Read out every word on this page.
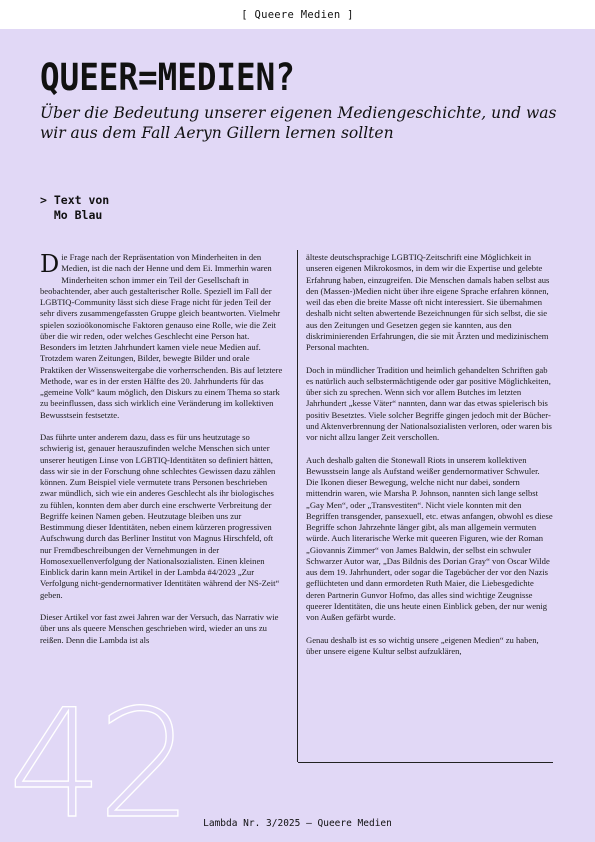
[ Queere Medien ]
42
QUEER=MEDIEN?

Über die Bedeutung unserer eigenen Mediengeschichte, und was wir aus dem Fall Aeryn Gillern lernen sollten

> Text von
Mo Blau

Die Frage nach der Repräsentation von Minderheiten in den Medien, ist die nach der Henne und dem Ei. Immerhin waren Minderheiten schon immer ein Teil der Gesellschaft in beobachtender, aber auch gestalterischer Rolle. Speziell im Fall der LGBTIQ-Community lässt sich diese Frage nicht für jeden Teil der sehr divers zusammengefassten Gruppe gleich beantworten. Vielmehr spielen sozioökonomische Faktoren genauso eine Rolle, wie die Zeit über die wir reden, oder welches Geschlecht eine Person hat. Besonders im letzten Jahrhundert kamen viele neue Medien auf. Trotzdem waren Zeitungen, Bilder, bewegte Bilder und orale Praktiken der Wissensweitergabe die vorherrschenden. Bis auf letztere Methode, war es in der ersten Hälfte des 20. Jahrhunderts für das „gemeine Volk“ kaum möglich, den Diskurs zu einem Thema so stark zu beeinflussen, dass sich wirklich eine Veränderung im kollektiven Bewusstsein festsetzte.

Das führte unter anderem dazu, dass es für uns heutzutage so schwierig ist, genauer herauszufinden welche Menschen sich unter unserer heutigen Linse von LGBTIQ-Identitäten so definiert hätten, dass wir sie in der Forschung ohne schlechtes Gewissen dazu zählen können. Zum Beispiel viele vermutete trans Personen beschrieben zwar mündlich, sich wie ein anderes Geschlecht als ihr biologisches zu fühlen, konnten dem aber durch eine erschwerte Verbreitung der Begriffe keinen Namen geben. Heutzutage bleiben uns zur Bestimmung dieser Identitäten, neben einem kürzeren progressiven Aufschwung durch das Berliner Institut von Magnus Hirschfeld, oft nur Fremdbeschreibungen der Vernehmungen in der Homosexuellenverfolgung der Nationalsozialisten. Einen kleinen Einblick darin kann mein Artikel in der Lambda #4/2023 „Zur Verfolgung nicht-gendernormativer Identitäten während der NS-Zeit“ geben.

Dieser Artikel vor fast zwei Jahren war der Versuch, das Narrativ wie über uns als queere Menschen geschrieben wird, wieder an uns zu reißen. Denn die Lambda ist als

älteste deutschsprachige LGBTIQ-Zeitschrift eine Möglichkeit in unseren eigenen Mikrokosmos, in dem wir die Expertise und gelebte Erfahrung haben, einzugreifen. Die Menschen damals haben selbst aus den (Massen-)Medien nicht über ihre eigene Sprache erfahren können, weil das eben die breite Masse oft nicht interessiert. Sie übernahmen deshalb nicht selten abwertende Bezeichnungen für sich selbst, die sie aus den Zeitungen und Gesetzen gegen sie kannten, aus den diskriminierenden Erfahrungen, die sie mit Ärzten und medizinischem Personal machten.

Doch in mündlicher Tradition und heimlich gehandelten Schriften gab es natürlich auch selbstermächtigende oder gar positive Möglichkeiten, über sich zu sprechen. Wenn sich vor allem Butches im letzten Jahrhundert „kesse Väter“ nannten, dann war das etwas spielerisch bis positiv Besetztes. Viele solcher Begriffe gingen jedoch mit der Bücher- und Aktenverbrennung der Nationalsozialisten verloren, oder waren bis vor nicht allzu langer Zeit verschollen.

Auch deshalb galten die Stonewall Riots in unserem kollektiven Bewusstsein lange als Aufstand weißer gendernormativer Schwuler. Die Ikonen dieser Bewegung, welche nicht nur dabei, sondern mittendrin waren, wie Marsha P. Johnson, nannten sich lange selbst „Gay Men“, oder „Transvestiten“. Nicht viele konnten mit den Begriffen transgender, pansexuell, etc. etwas anfangen, obwohl es diese Begriffe schon Jahrzehnte länger gibt, als man allgemein vermuten würde. Auch literarische Werke mit queeren Figuren, wie der Roman „Giovannis Zimmer“ von James Baldwin, der selbst ein schwuler Schwarzer Autor war, „Das Bildnis des Dorian Gray“ von Oscar Wilde aus dem 19. Jahrhundert, oder sogar die Tagebücher der vor den Nazis geflüchteten und dann ermordeten Ruth Maier, die Liebesgedichte deren Partnerin Gunvor Hofmo, das alles sind wichtige Zeugnisse queerer Identitäten, die uns heute einen Einblick geben, der nur wenig von Außen gefärbt wurde.

Genau deshalb ist es so wichtig unsere „eigenen Medien“ zu haben, über unsere eigene Kultur selbst aufzuklären,

Lambda Nr. 3/2025 – Queere Medien
